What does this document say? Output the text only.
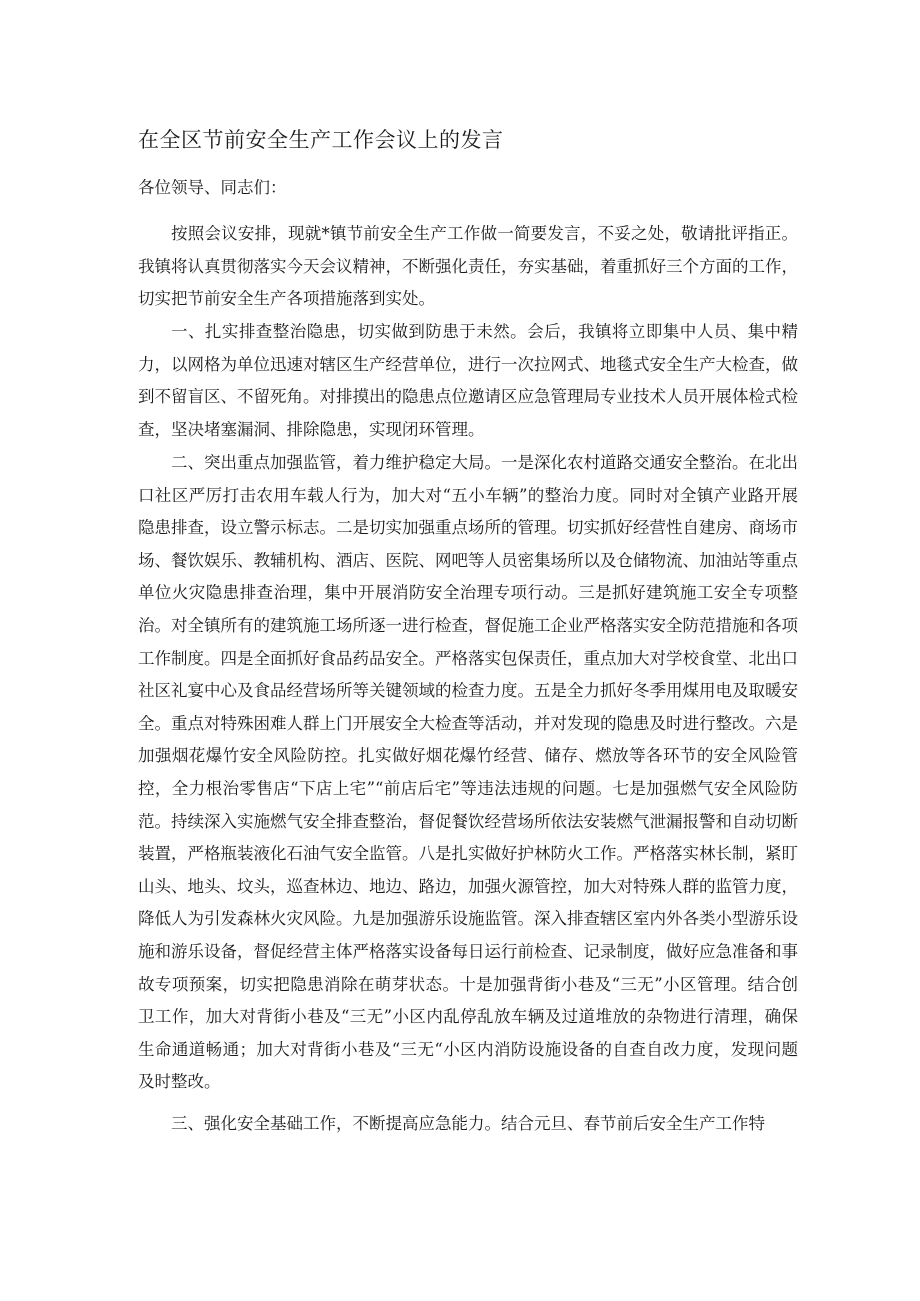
在全区节前安全生产工作会议上的发言
各位领导、同志们：

按照会议安排，现就*镇节前安全生产工作做一简要发言，不妥之处，敬请批评指正。我镇将认真贯彻落实今天会议精神，不断强化责任，夯实基础，着重抓好三个方面的工作，切实把节前安全生产各项措施落到实处。

一、扎实排查整治隐患，切实做到防患于未然。会后，我镇将立即集中人员、集中精力，以网格为单位迅速对辖区生产经营单位，进行一次拉网式、地毯式安全生产大检查，做到不留盲区、不留死角。对排摸出的隐患点位邀请区应急管理局专业技术人员开展体检式检查，坚决堵塞漏洞、排除隐患，实现闭环管理。

二、突出重点加强监管，着力维护稳定大局。一是深化农村道路交通安全整治。在北出口社区严厉打击农用车载人行为，加大对“五小车辆”的整治力度。同时对全镇产业路开展隐患排查，设立警示标志。二是切实加强重点场所的管理。切实抓好经营性自建房、商场市场、餐饮娱乐、教辅机构、酒店、医院、网吧等人员密集场所以及仓储物流、加油站等重点单位火灾隐患排查治理，集中开展消防安全治理专项行动。三是抓好建筑施工安全专项整治。对全镇所有的建筑施工场所逐一进行检查，督促施工企业严格落实安全防范措施和各项工作制度。四是全面抓好食品药品安全。严格落实包保责任，重点加大对学校食堂、北出口社区礼宴中心及食品经营场所等关键领域的检查力度。五是全力抓好冬季用煤用电及取暖安全。重点对特殊困难人群上门开展安全大检查等活动，并对发现的隐患及时进行整改。六是加强烟花爆竹安全风险防控。扎实做好烟花爆竹经营、储存、燃放等各环节的安全风险管控，全力根治零售店“下店上宅”“前店后宅”等违法违规的问题。七是加强燃气安全风险防范。持续深入实施燃气安全排查整治，督促餐饮经营场所依法安装燃气泄漏报警和自动切断装置，严格瓶装液化石油气安全监管。八是扎实做好护林防火工作。严格落实林长制，紧盯山头、地头、坟头，巡查林边、地边、路边，加强火源管控，加大对特殊人群的监管力度，降低人为引发森林火灾风险。九是加强游乐设施监管。深入排查辖区室内外各类小型游乐设施和游乐设备，督促经营主体严格落实设备每日运行前检查、记录制度，做好应急准备和事故专项预案，切实把隐患消除在萌芽状态。十是加强背街小巷及“三无”小区管理。结合创卫工作，加大对背街小巷及“三无”小区内乱停乱放车辆及过道堆放的杂物进行清理，确保生命通道畅通；加大对背街小巷及“三无“小区内消防设施设备的自查自改力度，发现问题及时整改。

三、强化安全基础工作，不断提高应急能力。结合元旦、春节前后安全生产工作特
